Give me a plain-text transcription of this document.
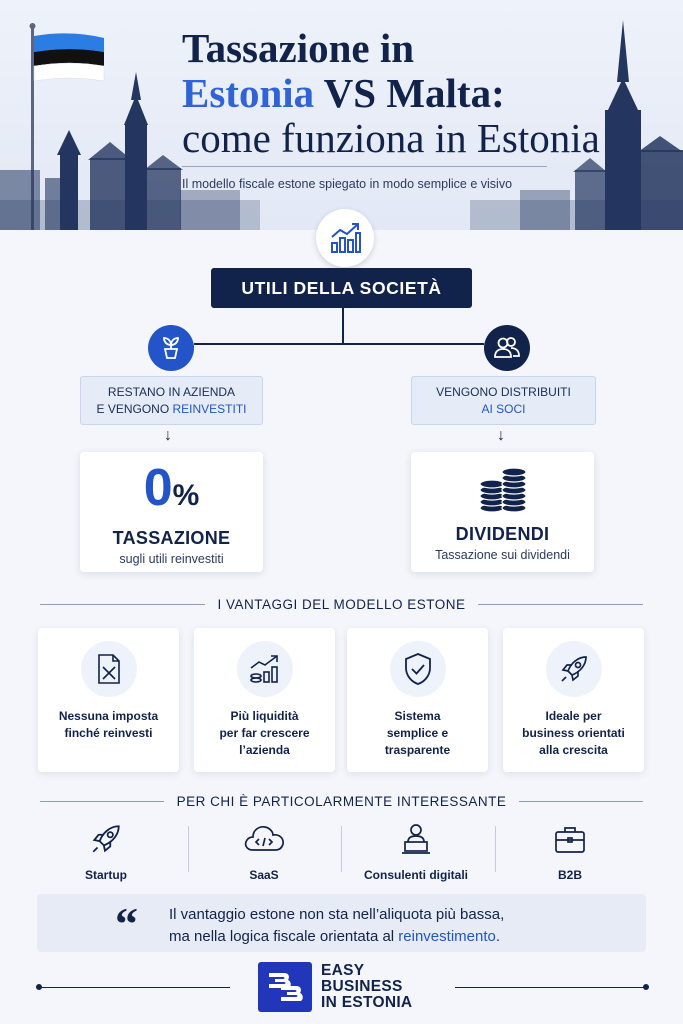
Tassazione in
Estonia VS Malta:
come funziona in Estonia
Il modello fiscale estone spiegato in modo semplice e visivo
UTILI DELLA SOCIETÀ
RESTANO IN AZIENDA
E VENGONO REINVESTITI
VENGONO DISTRIBUITI
AI SOCI
↓	↓
0%
TASSAZIONE
sugli utili reinvestiti
DIVIDENDI
Tassazione sui dividendi
I VANTAGGI DEL MODELLO ESTONE
Nessuna imposta
finché reinvesti
Più liquidità
per far crescere
l’azienda
Sistema
semplice e
trasparente
Ideale per
business orientati
alla crescita
PER CHI È PARTICOLARMENTE INTERESSANTE
Startup	SaaS	Consulenti digitali	B2B
“ Il vantaggio estone non sta nell’aliquota più bassa,
ma nella logica fiscale orientata al reinvestimento.
EASY
BUSINESS
IN ESTONIA
